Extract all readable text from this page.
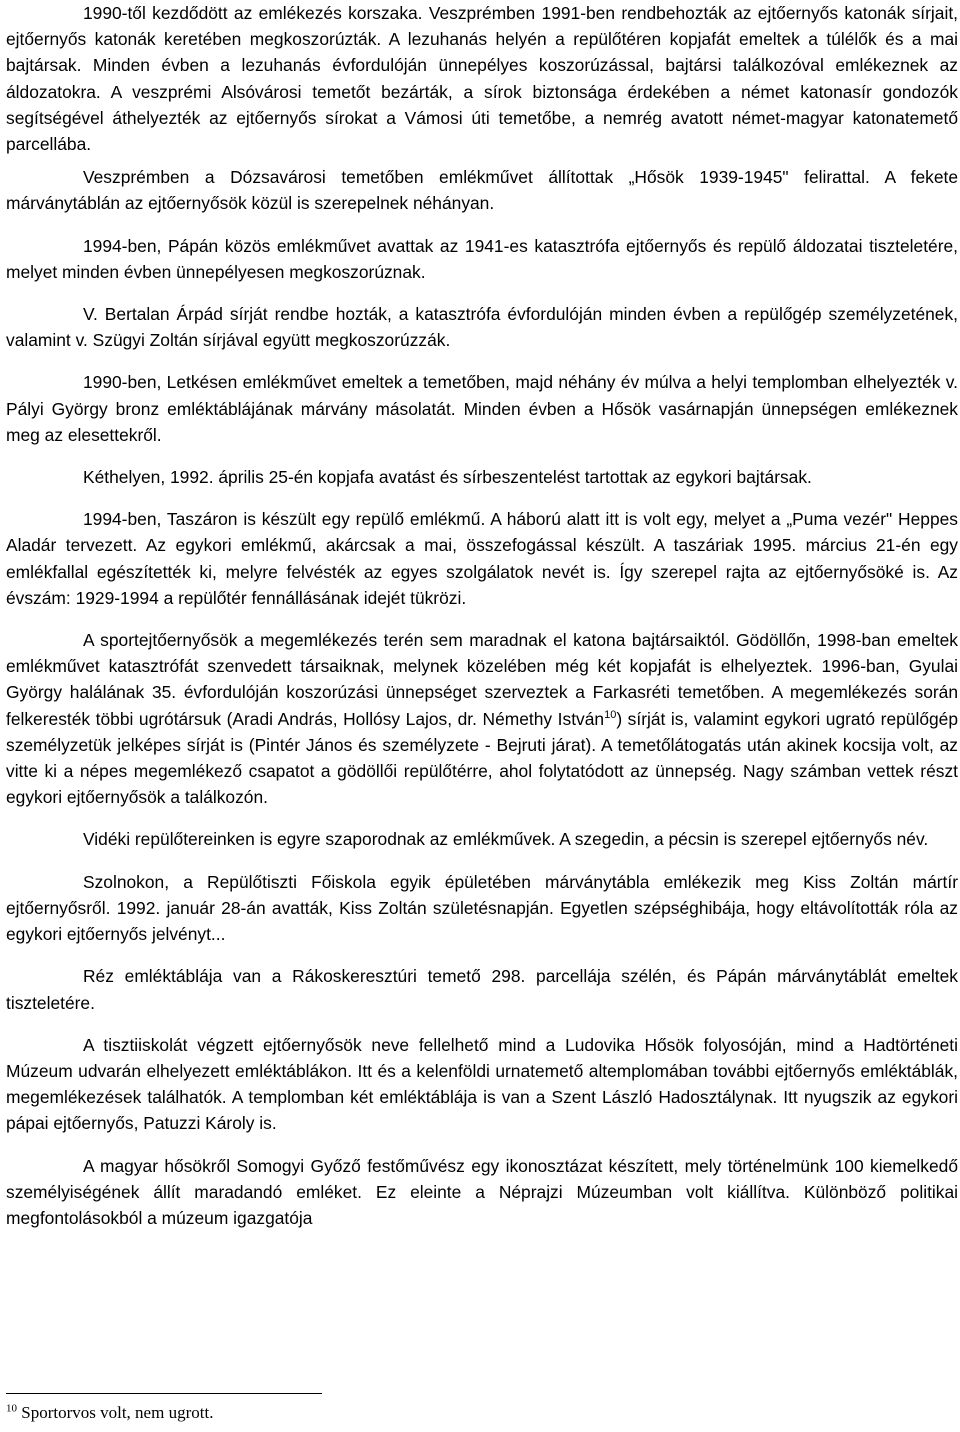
1990-től kezdődött az emlékezés korszaka. Veszprémben 1991-ben rendbehozták az ejtőernyős katonák sírjait, ejtőernyős katonák keretében megkoszorúzták. A lezuhanás helyén a repülőtéren kopjafát emeltek a túlélők és a mai bajtársak. Minden évben a lezuhanás évfordulóján ünnepélyes koszorúzással, bajtársi találkozóval emlékeznek az áldozatokra. A veszprémi Alsóvárosi temetőt bezárták, a sírok biztonsága érdekében a német katonasír gondozók segítségével áthelyezték az ejtőernyős sírokat a Vámosi úti temetőbe, a nemrég avatott német-magyar katonatemető parcellába.

Veszprémben a Dózsavárosi temetőben emlékművet állítottak „Hősök 1939-1945" felirattal. A fekete márványtáblán az ejtőernyősök közül is szerepelnek néhányan.

1994-ben, Pápán közös emlékművet avattak az 1941-es katasztrófa ejtőernyős és repülő áldozatai tiszteletére, melyet minden évben ünnepélyesen megkoszorúznak.

V. Bertalan Árpád sírját rendbe hozták, a katasztrófa évfordulóján minden évben a repülőgép személyzetének, valamint v. Szügyi Zoltán sírjával együtt megkoszorúzzák.

1990-ben, Letkésen emlékművet emeltek a temetőben, majd néhány év múlva a helyi templomban elhelyezték v. Pályi György bronz emléktáblájának márvány másolatát. Minden évben a Hősök vasárnapján ünnepségen emlékeznek meg az elesettekről.

Kéthelyen, 1992. április 25-én kopjafa avatást és sírbeszentelést tartottak az egykori bajtársak.

1994-ben, Taszáron is készült egy repülő emlékmű. A háború alatt itt is volt egy, melyet a „Puma vezér" Heppes Aladár tervezett. Az egykori emlékmű, akárcsak a mai, összefogással készült. A taszáriak 1995. március 21-én egy emlékfallal egészítették ki, melyre felvésték az egyes szolgálatok nevét is. Így szerepel rajta az ejtőernyősöké is. Az évszám: 1929-1994 a repülőtér fennállásának idejét tükrözi.

A sportejtőernyősök a megemlékezés terén sem maradnak el katona bajtársaiktól. Gödöllőn, 1998-ban emeltek emlékművet katasztrófát szenvedett társaiknak, melynek közelében még két kopjafát is elhelyeztek. 1996-ban, Gyulai György halálának 35. évfordulóján koszorúzási ünnepséget szerveztek a Farkasréti temetőben. A megemlékezés során felkeresték többi ugrótársuk (Aradi András, Hollósy Lajos, dr. Némethy István$^{10}$) sírját is, valamint egykori ugrató repülőgép személyzetük jelképes sírját is (Pintér János és személyzete - Bejruti járat). A temetőlátogatás után akinek kocsija volt, az vitte ki a népes megemlékező csapatot a gödöllői repülőtérre, ahol folytatódott az ünnepség. Nagy számban vettek részt egykori ejtőernyősök a találkozón.

Vidéki repülőtereinken is egyre szaporodnak az emlékművek. A szegedin, a pécsin is szerepel ejtőernyős név.

Szolnokon, a Repülőtiszti Főiskola egyik épületében márványtábla emlékezik meg Kiss Zoltán mártír ejtőernyősről. 1992. január 28-án avatták, Kiss Zoltán születésnapján. Egyetlen szépséghibája, hogy eltávolították róla az egykori ejtőernyős jelvényt...

Réz emléktáblája van a Rákoskeresztúri temető 298. parcellája szélén, és Pápán márványtáblát emeltek tiszteletére.

A tisztiiskolát végzett ejtőernyősök neve fellelhető mind a Ludovika Hősök folyosóján, mind a Hadtörténeti Múzeum udvarán elhelyezett emléktáblákon. Itt és a kelenföldi urnatemető altemplomában további ejtőernyős emléktáblák, megemlékezések találhatók. A templomban két emléktáblája is van a Szent László Hadosztálynak. Itt nyugszik az egykori pápai ejtőernyős, Patuzzi Károly is.

A magyar hősökről Somogyi Győző festőművész egy ikonosztázat készített, mely történelmünk 100 kiemelkedő személyiségének állít maradandó emléket. Ez eleinte a Néprajzi Múzeumban volt kiállítva. Különböző politikai megfontolásokból a múzeum igazgatója

$^{10}$ Sportorvos volt, nem ugrott.
